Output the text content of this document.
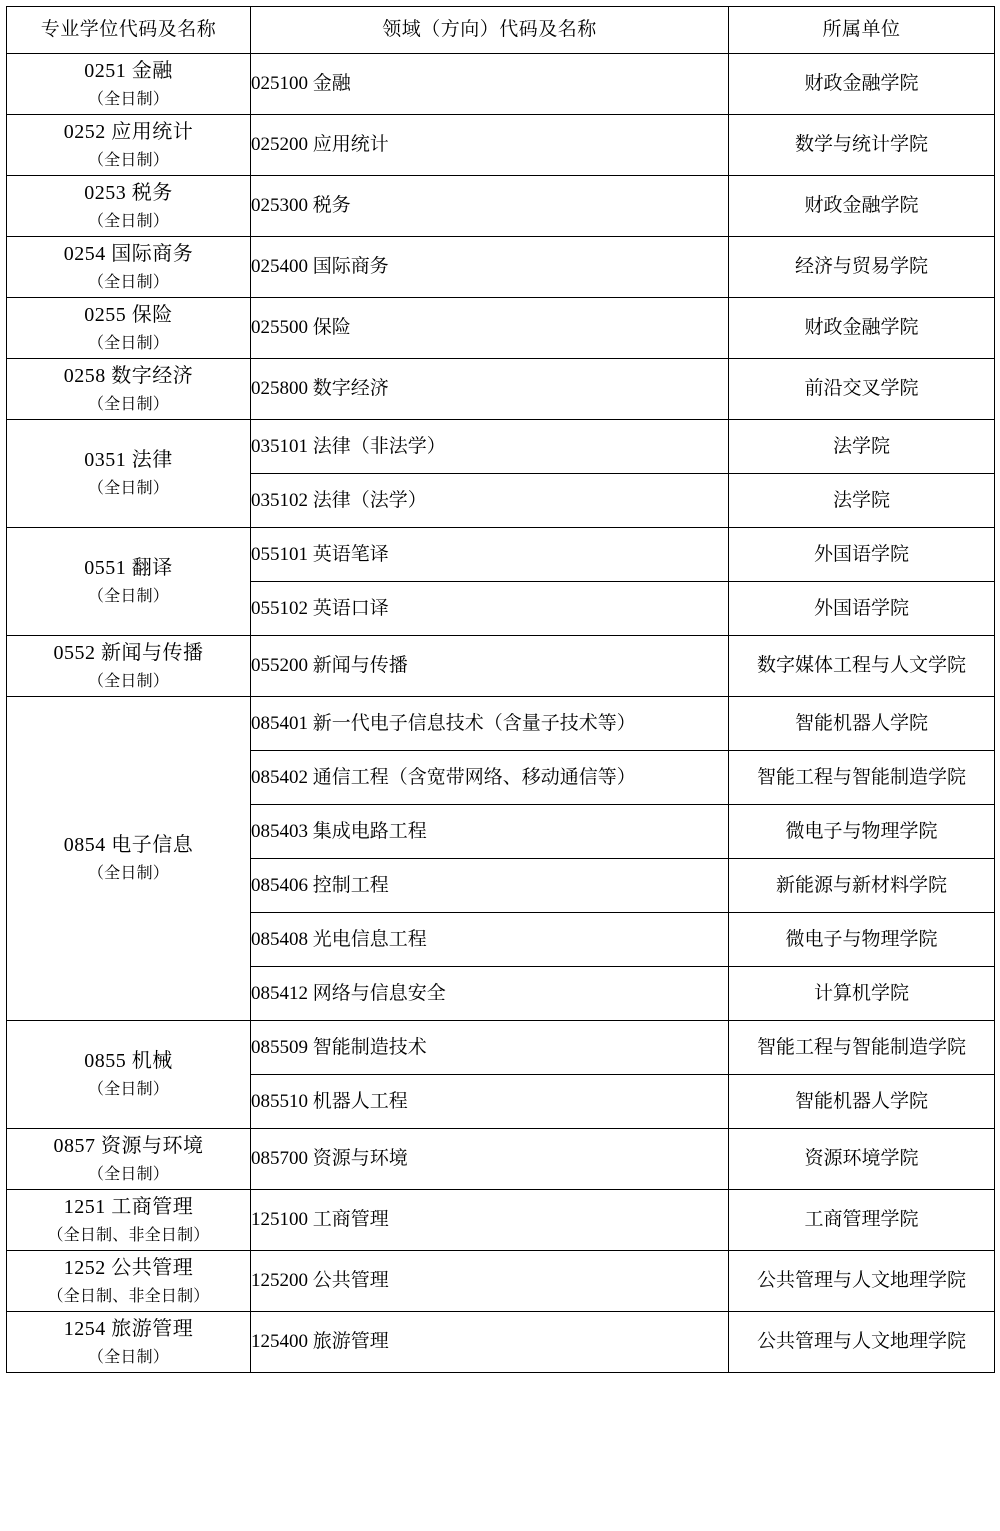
专业学位代码及名称	领域（方向）代码及名称	所属单位

0251 金融
（全日制）	025100 金融	财政金融学院

0252 应用统计
（全日制）	025200 应用统计	数学与统计学院

0253 税务
（全日制）	025300 税务	财政金融学院

0254 国际商务
（全日制）	025400 国际商务	经济与贸易学院

0255 保险
（全日制）	025500 保险	财政金融学院

0258 数字经济
（全日制）	025800 数字经济	前沿交叉学院

0351 法律
（全日制）	035101 法律（非法学）	法学院
	035102 法律（法学）	法学院

0551 翻译
（全日制）	055101 英语笔译	外国语学院
	055102 英语口译	外国语学院

0552 新闻与传播
（全日制）	055200 新闻与传播	数字媒体工程与人文学院

0854 电子信息
（全日制）	085401 新一代电子信息技术（含量子技术等）	智能机器人学院
	085402 通信工程（含宽带网络、移动通信等）	智能工程与智能制造学院
	085403 集成电路工程	微电子与物理学院
	085406 控制工程	新能源与新材料学院
	085408 光电信息工程	微电子与物理学院
	085412 网络与信息安全	计算机学院

0855 机械
（全日制）	085509 智能制造技术	智能工程与智能制造学院
	085510 机器人工程	智能机器人学院

0857 资源与环境
（全日制）	085700 资源与环境	资源环境学院

1251 工商管理
（全日制、非全日制）	125100 工商管理	工商管理学院

1252 公共管理
（全日制、非全日制）	125200 公共管理	公共管理与人文地理学院

1254 旅游管理
（全日制）	125400 旅游管理	公共管理与人文地理学院
